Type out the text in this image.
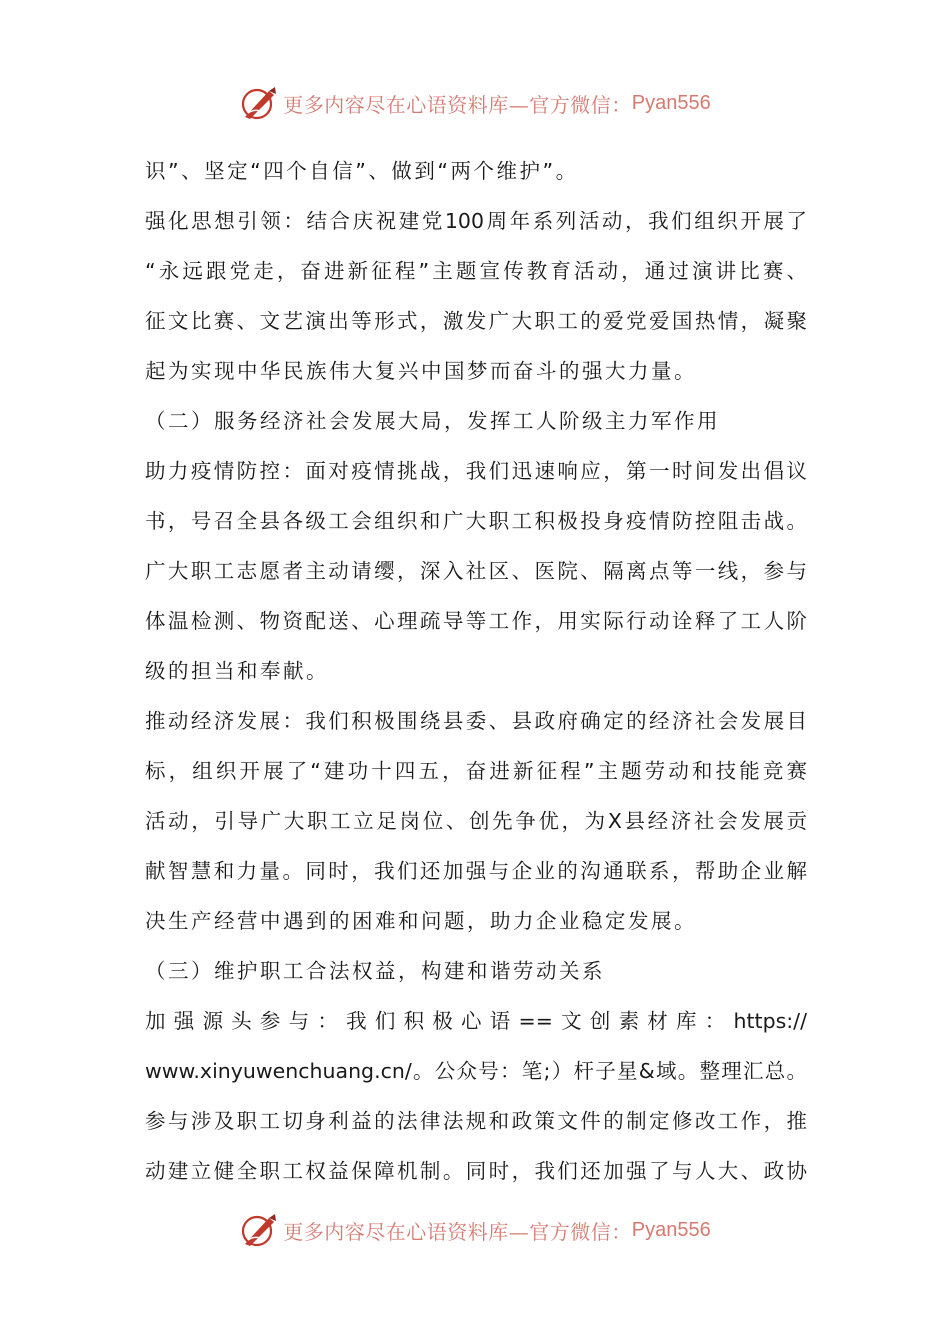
更多内容尽在心语资料库—官方微信： Pyan556
识”、坚定“四个自信”、做到“两个维护”。
强化思想引领：结合庆祝建党100周年系列活动，我们组织开展了
“永远跟党走，奋进新征程”主题宣传教育活动，通过演讲比赛、
征文比赛、文艺演出等形式，激发广大职工的爱党爱国热情，凝聚
起为实现中华民族伟大复兴中国梦而奋斗的强大力量。
（二）服务经济社会发展大局，发挥工人阶级主力军作用
助力疫情防控：面对疫情挑战，我们迅速响应，第一时间发出倡议
书，号召全县各级工会组织和广大职工积极投身疫情防控阻击战。
广大职工志愿者主动请缨，深入社区、医院、隔离点等一线，参与
体温检测、物资配送、心理疏导等工作，用实际行动诠释了工人阶
级的担当和奉献。
推动经济发展：我们积极围绕县委、县政府确定的经济社会发展目
标，组织开展了“建功十四五，奋进新征程”主题劳动和技能竞赛
活动，引导广大职工立足岗位、创先争优，为X县经济社会发展贡
献智慧和力量。同时，我们还加强与企业的沟通联系，帮助企业解
决生产经营中遇到的困难和问题，助力企业稳定发展。
（三）维护职工合法权益，构建和谐劳动关系
加强源头参与：我们积极心语==文创素材库：https://
www.xinyuwenchuang.cn/。公众号：笔;）杆子星&域。整理汇总。
参与涉及职工切身利益的法律法规和政策文件的制定修改工作，推
动建立健全职工权益保障机制。同时，我们还加强了与人大、政协
更多内容尽在心语资料库—官方微信： Pyan556
